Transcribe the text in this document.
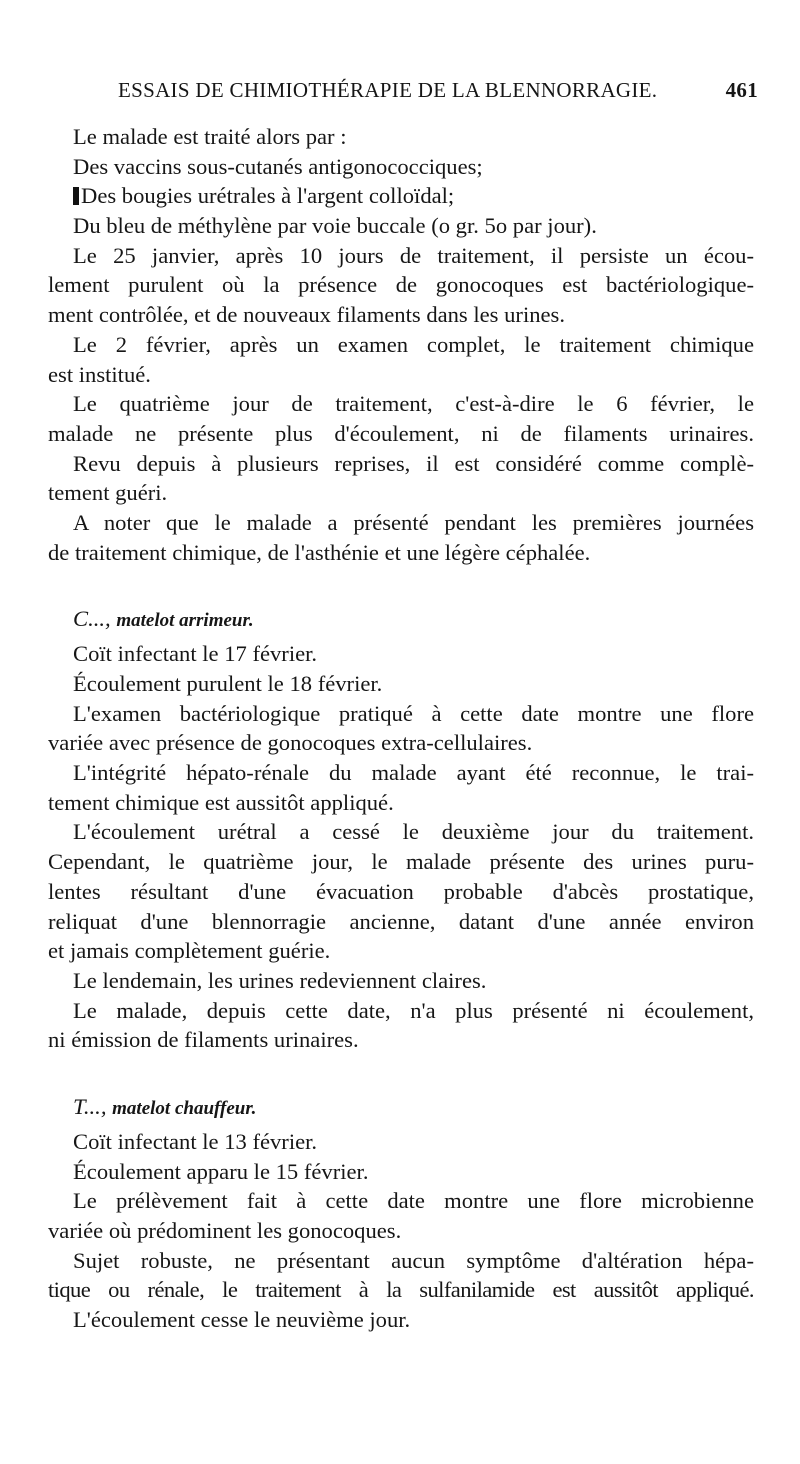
ESSAIS DE CHIMIOTHÉRAPIE DE LA BLENNORRAGIE.	461
Le malade est traité alors par :
Des vaccins sous-cutanés antigonococciques;
Des bougies urétrales à l'argent colloïdal;
Du bleu de méthylène par voie buccale (o gr. 5o par jour).
Le 25 janvier, après 10 jours de traitement, il persiste un écou-
lement purulent où la présence de gonocoques est bactériologique-
ment contrôlée, et de nouveaux filaments dans les urines.
Le 2 février, après un examen complet, le traitement chimique
est institué.
Le quatrième jour de traitement, c'est-à-dire le 6 février, le
malade ne présente plus d'écoulement, ni de filaments urinaires.
Revu depuis à plusieurs reprises, il est considéré comme complè-
tement guéri.
A noter que le malade a présenté pendant les premières journées
de traitement chimique, de l'asthénie et une légère céphalée.
C..., matelot arrimeur.
Coït infectant le 17 février.
Écoulement purulent le 18 février.
L'examen bactériologique pratiqué à cette date montre une flore
variée avec présence de gonocoques extra-cellulaires.
L'intégrité hépato-rénale du malade ayant été reconnue, le trai-
tement chimique est aussitôt appliqué.
L'écoulement urétral a cessé le deuxième jour du traitement.
Cependant, le quatrième jour, le malade présente des urines puru-
lentes résultant d'une évacuation probable d'abcès prostatique,
reliquat d'une blennorragie ancienne, datant d'une année environ
et jamais complètement guérie.
Le lendemain, les urines redeviennent claires.
Le malade, depuis cette date, n'a plus présenté ni écoulement,
ni émission de filaments urinaires.
T..., matelot chauffeur.
Coït infectant le 13 février.
Écoulement apparu le 15 février.
Le prélèvement fait à cette date montre une flore microbienne
variée où prédominent les gonocoques.
Sujet robuste, ne présentant aucun symptôme d'altération hépa-
tique ou rénale, le traitement à la sulfanilamide est aussitôt appliqué.
L'écoulement cesse le neuvième jour.
